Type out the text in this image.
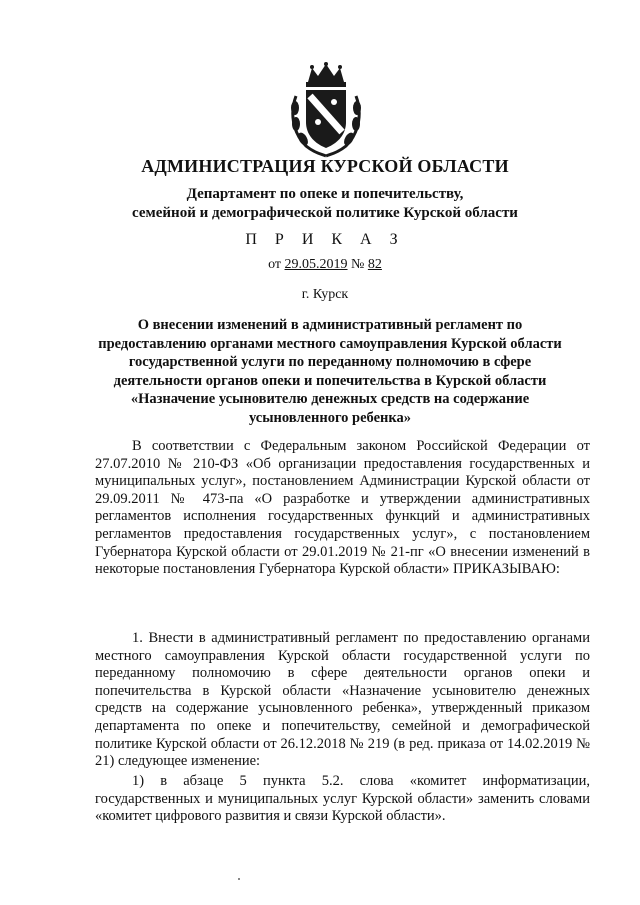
АДМИНИСТРАЦИЯ КУРСКОЙ ОБЛАСТИ
Департамент по опеке и попечительству,
семейной и демографической политике Курской области
П Р И К А З
от 29.05.2019 № 82
г. Курск
О внесении изменений в административный регламент по
предоставлению органами местного самоуправления Курской области
государственной услуги по переданному полномочию в сфере
деятельности органов опеки и попечительства в Курской области
«Назначение усыновителю денежных средств на содержание
усыновленного ребенка»
В соответствии с Федеральным законом Российской Федерации от 27.07.2010 № 210-ФЗ «Об организации предоставления государственных и муниципальных услуг», постановлением Администрации Курской области от 29.09.2011 № 473-па «О разработке и утверждении административных регламентов исполнения государственных функций и административных регламентов предоставления государственных услуг», с постановлением Губернатора Курской области от 29.01.2019 № 21-пг «О внесении изменений в некоторые постановления Губернатора Курской области» ПРИКАЗЫВАЮ:
1. Внести в административный регламент по предоставлению органами местного самоуправления Курской области государственной услуги по переданному полномочию в сфере деятельности органов опеки и попечительства в Курской области «Назначение усыновителю денежных средств на содержание усыновленного ребенка», утвержденный приказом департамента по опеке и попечительству, семейной и демографической политике Курской области от 26.12.2018 № 219 (в ред. приказа от 14.02.2019 № 21) следующее изменение:
1) в абзаце 5 пункта 5.2. слова «комитет информатизации, государственных и муниципальных услуг Курской области» заменить словами «комитет цифрового развития и связи Курской области».
